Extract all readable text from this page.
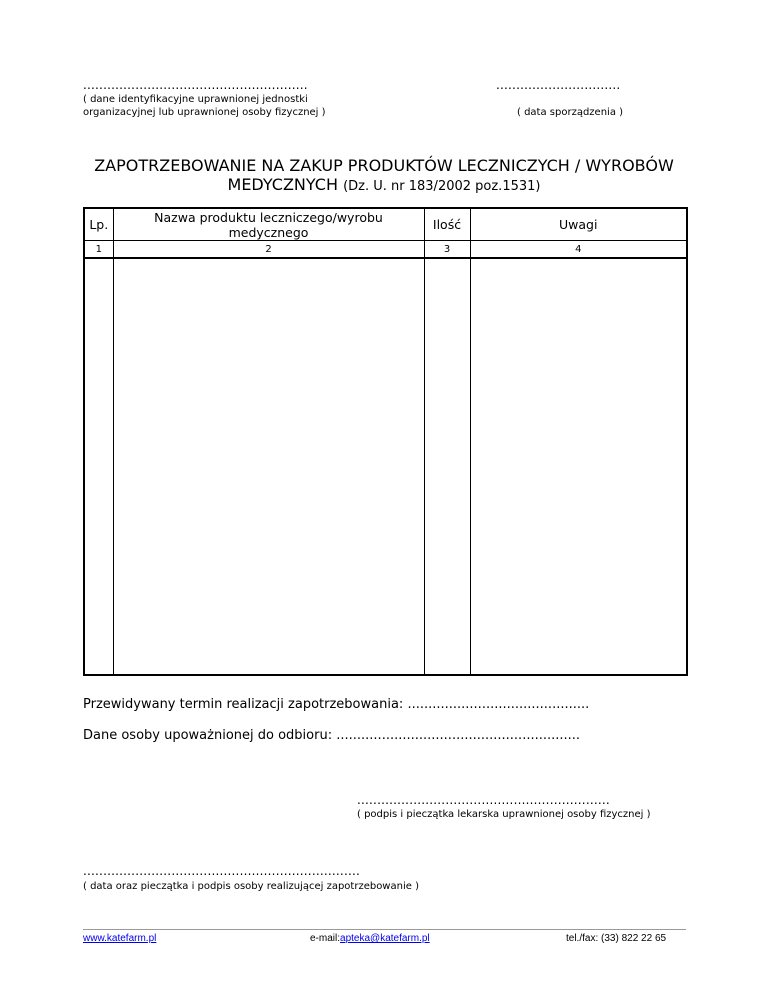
........................................................
( dane identyfikacyjne uprawnionej jednostki
organizacyjnej lub uprawnionej osoby fizycznej )
...............................
( data sporządzenia )
ZAPOTRZEBOWANIE NA ZAKUP PRODUKTÓW LECZNICZYCH / WYROBÓW
MEDYCZNYCH (Dz. U. nr 183/2002 poz.1531)
Lp.	Nazwa produktu leczniczego/wyrobu medycznego	Ilość	Uwagi
1	2	3	4

Przewidywany termin realizacji zapotrzebowania: ............................................
Dane osoby upoważnionej do odbioru: ...........................................................
...............................................................
( podpis i pieczątka lekarska uprawnionej osoby fizycznej )
.....................................................................
( data oraz pieczątka i podpis osoby realizującej zapotrzebowanie )
www.katefarm.pl	e-mail:apteka@katefarm.pl	tel./fax: (33) 822 22 65
